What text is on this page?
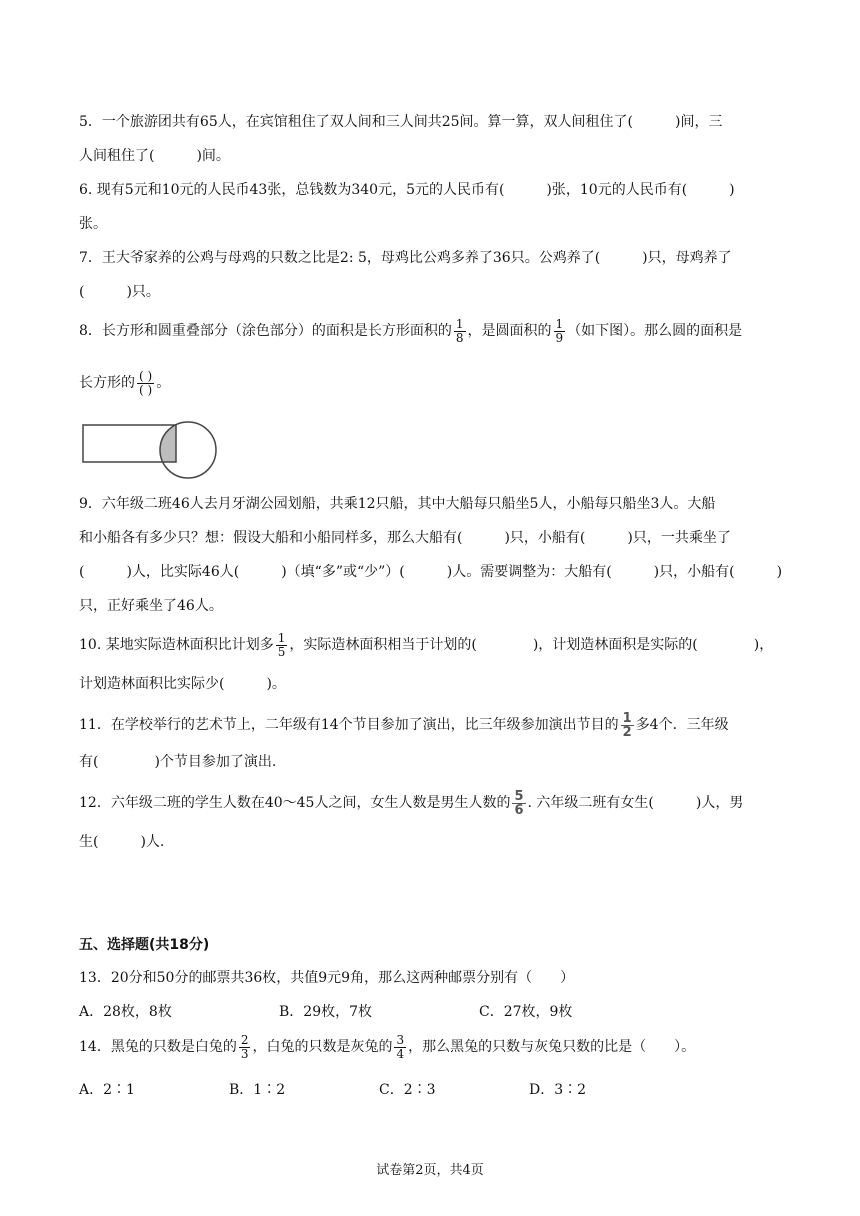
5．一个旅游团共有65人，在宾馆租住了双人间和三人间共25间。算一算，双人间租住了(　　　)间，三
人间租住了(　　　)间。
6. 现有5元和10元的人民币43张，总钱数为340元，5元的人民币有(　　　)张，10元的人民币有(　　　)
张。
7．王大爷家养的公鸡与母鸡的只数之比是2: 5，母鸡比公鸡多养了36只。公鸡养了(　　　)只，母鸡养了
(　　　)只。
8．长方形和圆重叠部分（涂色部分）的面积是长方形面积的 $\frac{1}{8}$ ，是圆面积的 $\frac{1}{9}$ （如下图）。那么圆的面积是
长方形的 $\frac{( )}{( )}$ 。
9．六年级二班46人去月牙湖公园划船，共乘12只船，其中大船每只船坐5人，小船每只船坐3人。大船
和小船各有多少只？想：假设大船和小船同样多，那么大船有(　　　)只，小船有(　　　)只，一共乘坐了
(　　　)人，比实际46人(　　　)（填“多”或“少”）(　　　)人。需要调整为：大船有(　　　)只，小船有(　　　)
只，正好乘坐了46人。
10. 某地实际造林面积比计划多 $\frac{1}{5}$ ，实际造林面积相当于计划的(　　　　)，计划造林面积是实际的(　　　　)，
计划造林面积比实际少(　　　)。
11．在学校举行的艺术节上，二年级有14个节目参加了演出，比三年级参加演出节目的 $\frac{1}{2}$ 多4个．三年级
有(　　　　)个节目参加了演出.
12．六年级二班的学生人数在40～45人之间，女生人数是男生人数的 $\frac{5}{6}$ . 六年级二班有女生(　　　)人，男
生(　　　)人.
五、选择题(共18分)
13．20分和50分的邮票共36枚，共值9元9角，那么这两种邮票分别有（　　）
A．28枚，8枚	B．29枚，7枚	C．27枚，9枚
14．黑兔的只数是白兔的 $\frac{2}{3}$ ，白兔的只数是灰兔的 $\frac{3}{4}$ ，那么黑兔的只数与灰兔只数的比是（　　）。
A．2∶1	B．1∶2	C．2∶3	D．3∶2
试卷第2页，共4页
